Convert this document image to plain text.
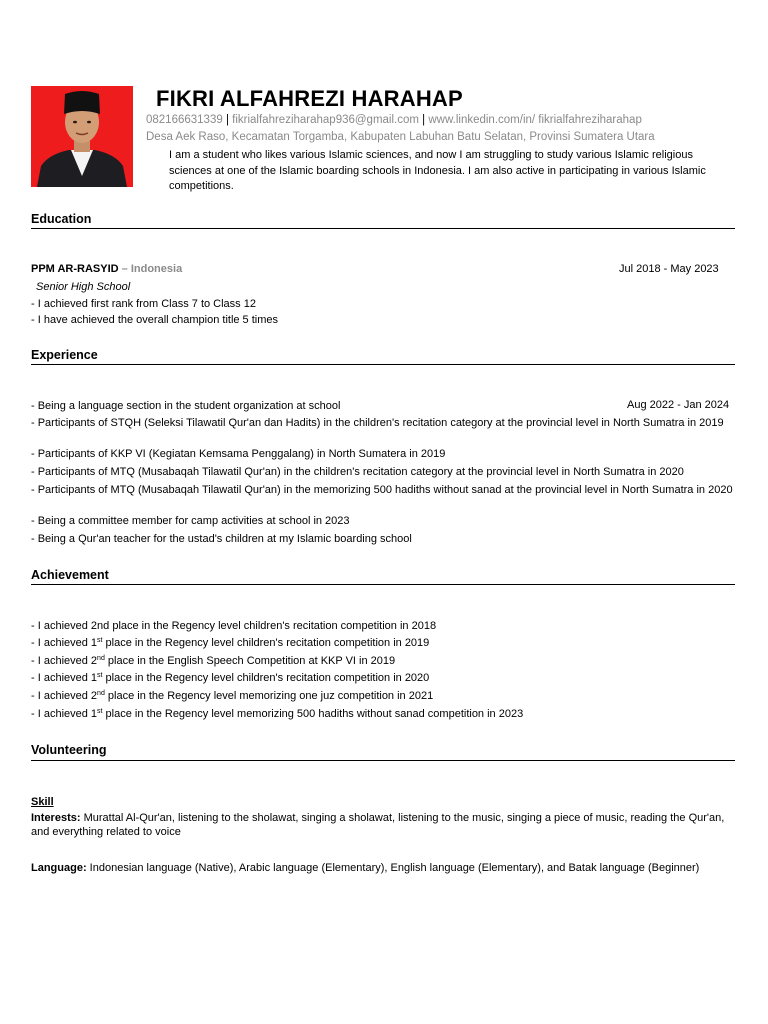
FIKRI ALFAHREZI HARAHAP
082166631339 | fikrialfahreziharahap936@gmail.com | www.linkedin.com/in/ fikrialfahreziharahap
Desa Aek Raso, Kecamatan Torgamba, Kabupaten Labuhan Batu Selatan, Provinsi Sumatera Utara
I am a student who likes various Islamic sciences, and now I am struggling to study various Islamic religious sciences at one of the Islamic boarding schools in Indonesia. I am also active in participating in various Islamic competitions.
Education
PPM AR-RASYID – Indonesia	Jul 2018 - May 2023
Senior High School
- I achieved first rank from Class 7 to Class 12
- I have achieved the overall champion title 5 times
Experience
- Being a language section in the student organization at school	Aug 2022 - Jan 2024
- Participants of STQH (Seleksi Tilawatil Qur'an dan Hadits) in the children's recitation category at the provincial level in North Sumatra in 2019
- Participants of KKP VI (Kegiatan Kemsama Penggalang) in North Sumatera in 2019
- Participants of MTQ (Musabaqah Tilawatil Qur'an) in the children's recitation category at the provincial level in North Sumatra in 2020
- Participants of MTQ (Musabaqah Tilawatil Qur'an) in the memorizing 500 hadiths without sanad at the provincial level in North Sumatra in 2020
- Being a committee member for camp activities at school in 2023
- Being a Qur'an teacher for the ustad's children at my Islamic boarding school
Achievement
- I achieved 2nd place in the Regency level children's recitation competition in 2018
- I achieved 1st place in the Regency level children's recitation competition in 2019
- I achieved 2nd place in the English Speech Competition at KKP VI in 2019
- I achieved 1st place in the Regency level children's recitation competition in 2020
- I achieved 2nd place in the Regency level memorizing one juz competition in 2021
- I achieved 1st place in the Regency level memorizing 500 hadiths without sanad competition in 2023
Volunteering
Skill
Interests: Murattal Al-Qur'an, listening to the sholawat, singing a sholawat, listening to the music, singing a piece of music, reading the Qur'an, and everything related to voice
Language: Indonesian language (Native), Arabic language (Elementary), English language (Elementary), and Batak language (Beginner)
